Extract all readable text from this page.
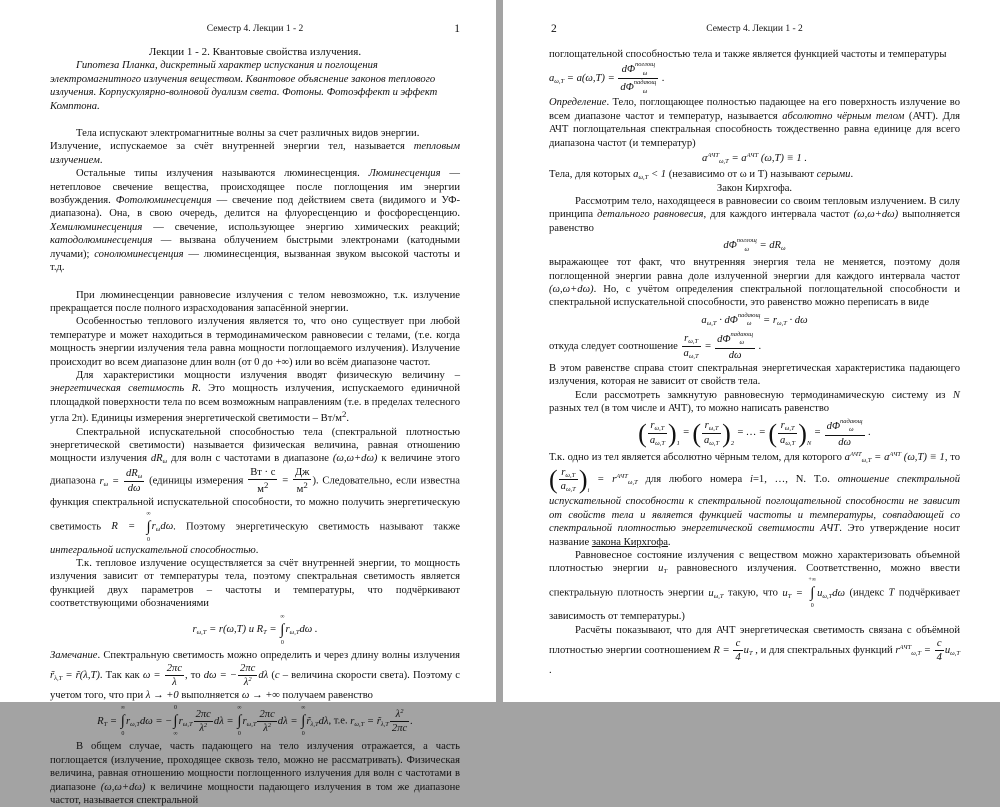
Семестр 4. Лекции 1 - 2	1
Лекции 1 - 2. Квантовые свойства излучения.
Гипотеза Планка, дискретный характер испускания и поглощения электромагнитного излучения веществом. Квантовое объяснение законов теплового излучения. Корпускулярно-волновой дуализм света. Фотоны. Фотоэффект и эффект Комптона.
Тела испускают электромагнитные волны за счет различных видов энергии.
Излучение, испускаемое за счёт внутренней энергии тел, называется тепловым излучением.
Остальные типы излучения называются люминесценция. Люминесценция — нетепловое свечение вещества, происходящее после поглощения им энергии возбуждения. Фотолюминесценция — свечение под действием света (видимого и УФ-диапазона). Она, в свою очередь, делится на флуоресценцию и фосфоресценцию. Хемилюминесценция — свечение, использующее энергию химических реакций; катодолюминесценция — вызвана облучением быстрыми электронами (катодными лучами); сонолюминесценция — люминесценция, вызванная звуком высокой частоты и т.д.
При люминесценции равновесие излучения с телом невозможно, т.к. излучение прекращается после полного израсходования запасённой энергии.
Особенностью теплового излучения является то, что оно существует при любой температуре и может находиться в термодинамическом равновесии с телами, (т.е. когда мощность энергии излучения тела равна мощности поглощаемого излучения). Излучение происходит во всем диапазоне длин волн (от 0 до +∞) или во всём диапазоне частот.
Для характеристики мощности излучения вводят физическую величину – энергетическая светимость R. Это мощность излучения, испускаемого единичной площадкой поверхности тела по всем возможным направлениям (т.е. в пределах телесного угла 2π). Единицы измерения энергетической светимости – $Вт/м^2$.
Спектральной испускательной способностью тела (спектральной плотностью энергетической светимости) называется физическая величина, равная отношению мощности излучения $dR_\omega$ для волн с частотами в диапазоне (ω,ω+dω) к величине этого диапазона $r_\omega = \frac{dR_\omega}{d\omega}$ (единицы измерения $\frac{Вт \cdot с}{м^2} = \frac{Дж}{м^2}$ ). Следовательно, если известна функция спектральной испускательной способности, то можно получить энергетическую светимость R =
∞
∫
0
$r_\omega d\omega$. Поэтому энергетическую светимость называют также интегральной испускательной способностью.
Т.к. тепловое излучение осуществляется за счёт внутренней энергии, то мощность излучения зависит от температуры тела, поэтому спектральная светимость является функцией двух параметров – частоты и температуры, что подчёркивают соответствующими обозначениями
$r_{\omega,T} = r(\omega,T)$ и $R_T$ =
∞
∫
0
$r_{\omega,T}d\omega$ .
Замечание. Спектральную светимость можно определить и через длину волны излучения $r̃_{\lambda,T}$ = r̃(λ,T). Так как $\omega = \frac{2\pi c}{\lambda}$ , то dω = − $\frac{2\pi c}{\lambda^2}$ dλ (c – величина скорости света). Поэтому с учетом того, что при λ → +0 выполняется ω → +∞ получаем равенство
$R_T$ =
∞
∫
0
$r_{\omega,T}d\omega$ = −
0
∫
∞
$r_{\omega,T} \frac{2\pi c}{\lambda^2}$ dλ =
∞
∫
0
$r_{\omega,T} \frac{2\pi c}{\lambda^2}$ dλ =
∞
∫
0
$r̃_{\lambda,T}d\lambda$, т.е. $r_{\omega,T}$ = $r̃_{\lambda,T} \frac{\lambda^2}{2\pi c}$ .
В общем случае, часть падающего на тело излучения отражается, а часть поглощается (излучение, проходящее сквозь тело, можно не рассматривать). Физическая величина, равная отношению мощности поглощенного излучения для волн с частотами в диапазоне (ω,ω+dω) к величине мощности падающего излучения в том же диапазоне частот, называется спектральной
2	Семестр 4. Лекции 1 - 2
поглощательной способностью тела и также является функцией частоты и температуры
$a_{\omega,T} = a(\omega,T) = d\Phi$ поглощ
ω
dΦ падающ
ω .
Определение. Тело, поглощающее полностью падающее на его поверхность излучение во всем диапазоне частот и температур, называется абсолютно чёрным телом (АЧТ). Для АЧТ поглощательная спектральная способность тождественно равна единице для всего диапазона частот (и температур)
$a^{АЧТ}_{\omega,T} = a^{АЧТ}$ (ω,T) ≡ 1 .
Тела, для которых $a_{\omega,T} < 1$ (независимо от ω и T) называют серыми.
Закон Кирхгофа.
Рассмотрим тело, находящееся в равновесии со своим тепловым излучением. В силу принципа детального равновесия, для каждого интервала частот (ω,ω+dω) выполняется равенство
dΦ поглощ
$\omega = dR_\omega$
выражающее тот факт, что внутренняя энергия тела не меняется, поэтому доля поглощенной энергии равна доле излученной энергии для каждого интервала частот (ω,ω+dω). Но, с учётом определения спектральной поглощательной способности и спектральной испускательной способности, это равенство можно переписать в виде
$a_{\omega,T} \cdot d\Phi$ падающ
$\omega = r_{\omega,T} \cdot d\omega$
откуда следует соотношение $\frac{r_{\omega,T}}{a_{\omega,T}} = d\Phi$ падающ
ω
dω .
В этом равенстве справа стоит спектральная энергетическая характеристика падающего излучения, которая не зависит от свойств тела.
Если рассмотреть замкнутую равновесную термодинамическую систему из N разных тел (в том числе и АЧТ), то можно написать равенство
( $\frac{r_{\omega,T}}{a_{\omega,T}}$ ) 1
= ( $\frac{r_{\omega,T}}{a_{\omega,T}}$ ) 2
= … = ( $\frac{r_{\omega,T}}{a_{\omega,T}}$ ) N
= dΦ падающ
ω
dω .
Т.к. одно из тел является абсолютно чёрным телом, для которого $a^{АЧТ}_{\omega,T} = a^{АЧТ}$ (ω,T) ≡ 1, то
( $\frac{r_{\omega,T}}{a_{\omega,T}}$ ) i
= $r^{АЧТ}_{\omega,T}$ для любого номера i=1, …, N. Т.о. отношение спектральной испускательной способности к спектральной поглощательной способности не зависит от свойств тела и является функцией частоты и температуры, совпадающей со спектральной плотностью энергетической светимости АЧТ. Это утверждение носит название закона Кирхгофа.
Равновесное состояние излучения с веществом можно характеризовать объемной плотностью энергии $u_T$ равновесного излучения. Соответственно, можно ввести спектральную плотность энергии $u_{\omega,T}$ такую, что $u_T$ =
+∞
∫
0
$u_{\omega,T}d\omega$ (индекс T подчёркивает зависимость от температуры.)
Расчёты показывают, что для АЧТ энергетическая светимость связана с объёмной плотностью энергии соотношением $R = \frac{c}{4} u_T$ , и для спектральных функций $r^{АЧТ}_{\omega,T} = \frac{c}{4} u_{\omega,T}$ .
